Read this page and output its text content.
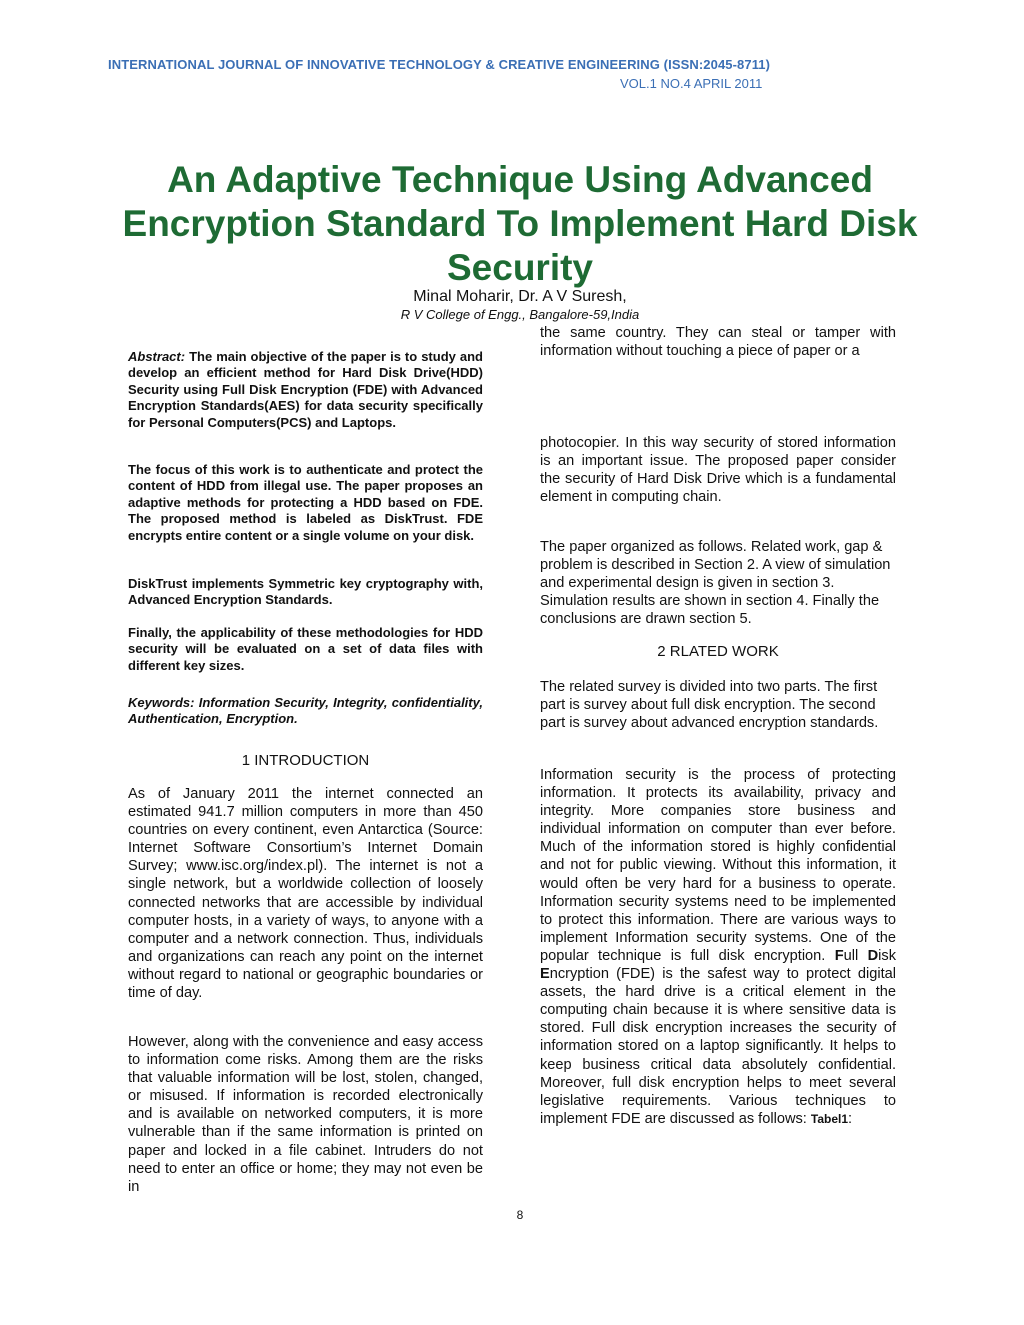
INTERNATIONAL JOURNAL OF INNOVATIVE TECHNOLOGY & CREATIVE ENGINEERING (ISSN:2045-8711)
VOL.1 NO.4 APRIL 2011
An Adaptive Technique Using Advanced Encryption Standard To Implement Hard Disk Security
Minal Moharir, Dr. A V Suresh,
R V College of Engg., Bangalore-59,India

Abstract: The main objective of the paper is to study and develop an efficient method for Hard Disk Drive(HDD) Security using Full Disk Encryption (FDE) with Advanced Encryption Standards(AES) for data security specifically for Personal Computers(PCS) and Laptops.

The focus of this work is to authenticate and protect the content of HDD from illegal use. The paper proposes an adaptive methods for protecting a HDD based on FDE. The proposed method is labeled as DiskTrust. FDE encrypts entire content or a single volume on your disk.

DiskTrust implements Symmetric key cryptography with, Advanced Encryption Standards.

Finally, the applicability of these methodologies for HDD security will be evaluated on a set of data files with different key sizes.

Keywords: Information Security, Integrity, confidentiality, Authentication, Encryption.

1 INTRODUCTION

As of January 2011 the internet connected an estimated 941.7 million computers in more than 450 countries on every continent, even Antarctica (Source: Internet Software Consortium’s Internet Domain Survey; www.isc.org/index.pl). The internet is not a single network, but a worldwide collection of loosely connected networks that are accessible by individual computer hosts, in a variety of ways, to anyone with a computer and a network connection. Thus, individuals and organizations can reach any point on the internet without regard to national or geographic boundaries or time of day.

However, along with the convenience and easy access to information come risks. Among them are the risks that valuable information will be lost, stolen, changed, or misused. If information is recorded electronically and is available on networked computers, it is more vulnerable than if the same information is printed on paper and locked in a file cabinet. Intruders do not need to enter an office or home; they may not even be in

the same country. They can steal or tamper with information without touching a piece of paper or a

photocopier. In this way security of stored information is an important issue. The proposed paper consider the security of Hard Disk Drive which is a fundamental element in computing chain.

The paper organized as follows. Related work, gap & problem is described in Section 2. A view of simulation and experimental design is given in section 3. Simulation results are shown in section 4. Finally the conclusions are drawn section 5.

2 RLATED WORK

The related survey is divided into two parts. The first part is survey about full disk encryption. The second part is survey about advanced encryption standards.

Information security is the process of protecting information. It protects its availability, privacy and integrity. More companies store business and individual information on computer than ever before. Much of the information stored is highly confidential and not for public viewing. Without this information, it would often be very hard for a business to operate. Information security systems need to be implemented to protect this information. There are various ways to implement Information security systems. One of the popular technique is full disk encryption. Full Disk Encryption (FDE) is the safest way to protect digital assets, the hard drive is a critical element in the computing chain because it is where sensitive data is stored. Full disk encryption increases the security of information stored on a laptop significantly. It helps to keep business critical data absolutely confidential. Moreover, full disk encryption helps to meet several legislative requirements. Various techniques to implement FDE are discussed as follows: Tabel1:

8
